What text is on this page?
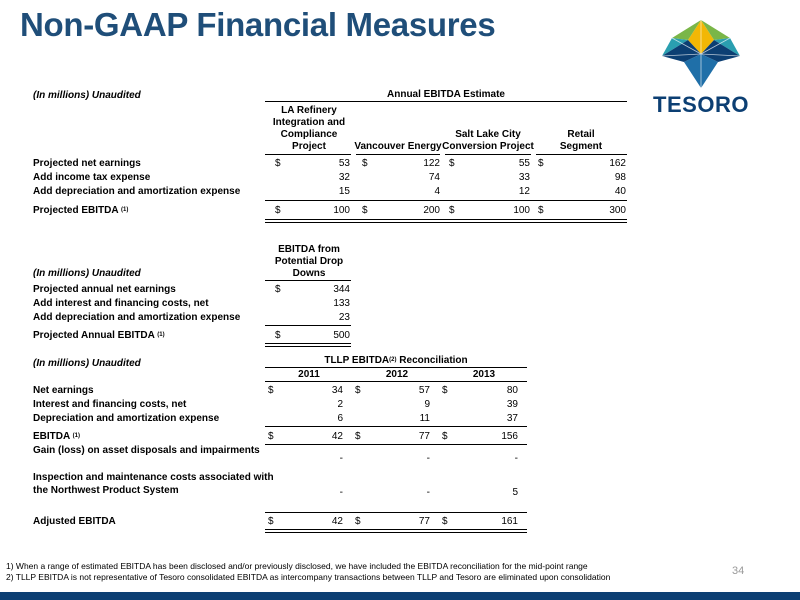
Non-GAAP Financial Measures
TESORO
(In millions) Unaudited	Annual EBITDA Estimate
LA Refinery
Integration and
Compliance
Project	Vancouver Energy
Salt Lake City
Conversion Project
Retail
Segment
Projected net earnings	$	53 $	122 $	55 $	162
Add income tax expense	32	74	33	98
Add depreciation and amortization expense	15	4	12	40
Projected EBITDA $^{(1)}$	$	100 $	200 $	100 $	300
EBITDA from
Potential Drop
Downs
(In millions) Unaudited
Projected annual net earnings	$	344
Add interest and financing costs, net	133
Add depreciation and amortization expense	23
Projected Annual EBITDA $^{(1)}$	$	500
(In millions) Unaudited	TLLP EBITDA$^{(2)}$ Reconciliation
2011	2012	2013
Net earnings	$	34 $	57 $	80
Interest and financing costs, net	2	9	39
Depreciation and amortization expense	6	11	37
EBITDA $^{(1)}$	$	42 $	77 $	156
Gain (loss) on asset disposals and impairments
-	-	-
Inspection and maintenance costs associated with
the Northwest Product System	-	-	5
Adjusted EBITDA	$	42 $	77 $	161
1) When a range of estimated EBITDA has been disclosed and/or previously disclosed, we have included the EBITDA reconciliation for the mid-point range
2) TLLP EBITDA is not representative of Tesoro consolidated EBITDA as intercompany transactions between TLLP and Tesoro are eliminated upon consolidation	34
